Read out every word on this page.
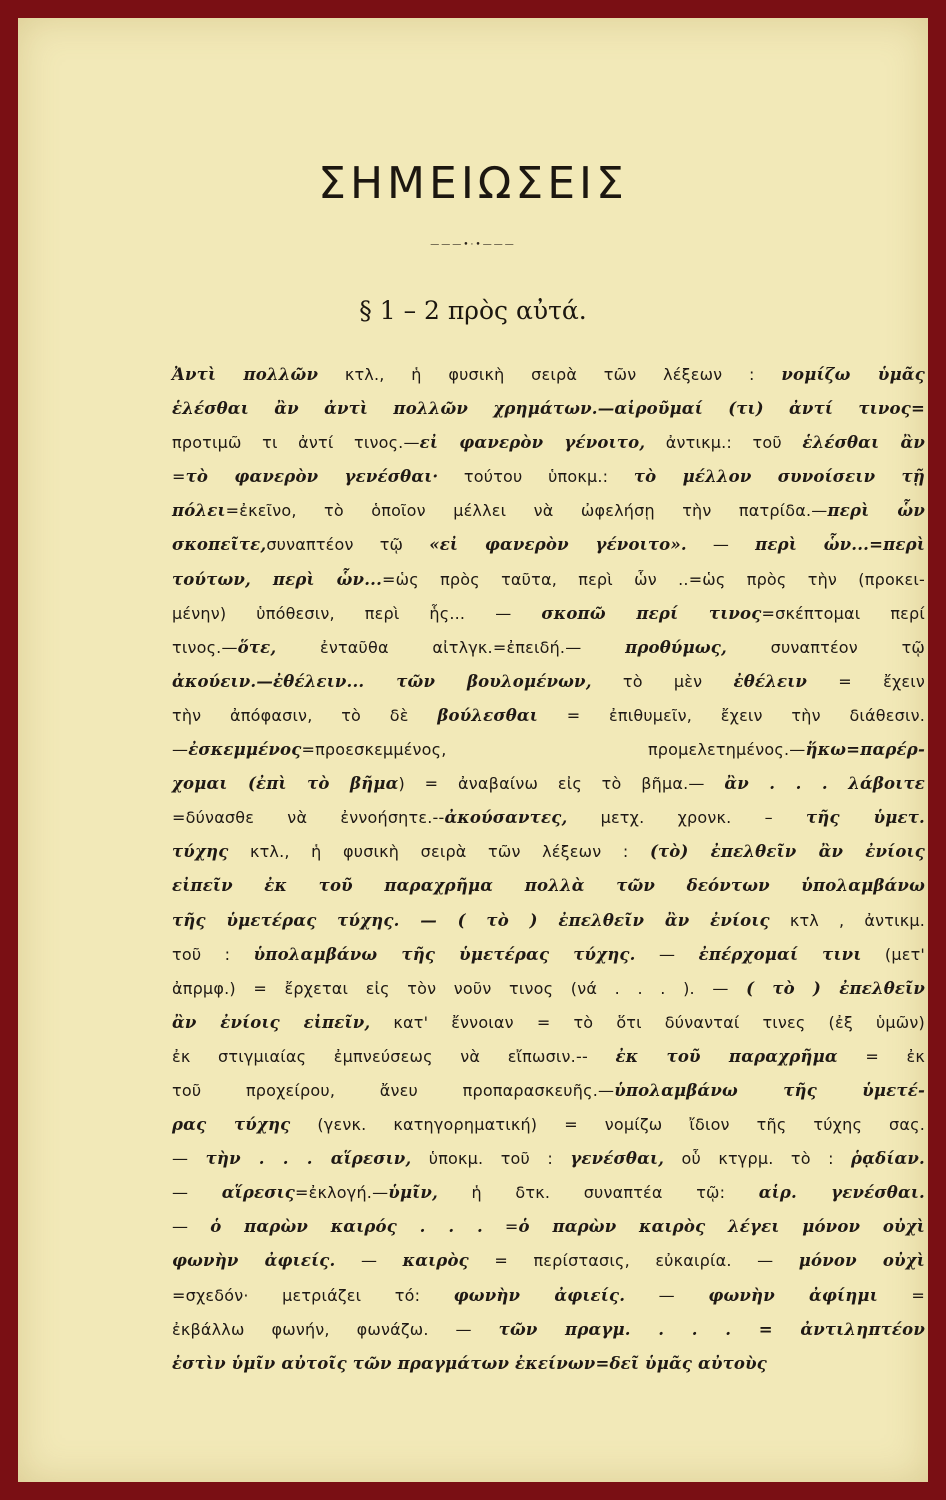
ΣΗΜΕΙΩΣΕΙΣ
———•·•———
§ 1 – 2 πρὸς αὐτά.
Ἀντὶ πολλῶν κτλ., ἡ φυσικὴ σειρὰ τῶν λέξεων : νομίζω ὑμᾶς
ἑλέσθαι ἂν ἀντὶ πολλῶν χρημάτων.—αἱροῦμαί (τι) ἀντί τινος=
προτιμῶ τι ἀντί τινος.—εἰ φανερὸν γένοιτο, ἀντικμ.: τοῦ ἑλέσθαι ἂν
=τὸ φανερὸν γενέσθαι· τούτου ὑποκμ.: τὸ μέλλον συνοίσειν τῇ
πόλει=ἐκεῖνο, τὸ ὁποῖον μέλλει νὰ ὠφελήσῃ τὴν πατρίδα.—περὶ ὧν
σκοπεῖτε,συναπτέον τῷ «εἰ φανερὸν γένοιτο». — περὶ ὧν...=περὶ
τούτων, περὶ ὧν...=ὡς πρὸς ταῦτα, περὶ ὧν ..=ὡς πρὸς τὴν (προκει-
μένην) ὑπόθεσιν, περὶ ἧς... — σκοπῶ περί τινος=σκέπτομαι περί
τινος.—ὅτε, ἐνταῦθα αἰτλγκ.=ἐπειδή.— προθύμως, συναπτέον τῷ
ἀκούειν.—ἐθέλειν... τῶν βουλομένων, τὸ μὲν ἐθέλειν = ἔχειν
τὴν ἀπόφασιν, τὸ δὲ βούλεσθαι = ἐπιθυμεῖν, ἔχειν τὴν διάθεσιν.
—ἐσκεμμένος=προεσκεμμένος, προμελετημένος.—ἥκω=παρέρ-
χομαι (ἐπὶ τὸ βῆμα) = ἀναβαίνω εἰς τὸ βῆμα.— ἂν . . . λάβοιτε
=δύνασθε νὰ ἐννοήσητε.--ἀκούσαντες, μετχ. χρονκ. – τῆς ὑμετ.
τύχης κτλ., ἡ φυσικὴ σειρὰ τῶν λέξεων : (τὸ) ἐπελθεῖν ἂν ἐνίοις
εἰπεῖν ἐκ τοῦ παραχρῆμα πολλὰ τῶν δεόντων ὑπολαμβάνω
τῆς ὑμετέρας τύχης. — ( τὸ ) ἐπελθεῖν ἂν ἐνίοις κτλ , ἀντικμ.
τοῦ : ὑπολαμβάνω τῆς ὑμετέρας τύχης. — ἐπέρχομαί τινι (μετ'
ἀπρμφ.) = ἔρχεται εἰς τὸν νοῦν τινος (νά . . . ). — ( τὸ ) ἐπελθεῖν
ἂν ἐνίοις εἰπεῖν, κατ' ἔννοιαν = τὸ ὅτι δύνανταί τινες (ἐξ ὑμῶν)
ἐκ στιγμιαίας ἐμπνεύσεως νὰ εἴπωσιν.-- ἐκ τοῦ παραχρῆμα = ἐκ
τοῦ προχείρου, ἄνευ προπαρασκευῆς.—ὑπολαμβάνω τῆς ὑμετέ-
ρας τύχης (γενκ. κατηγορηματική) = νομίζω ἴδιον τῆς τύχης σας.
— τὴν . . . αἵρεσιν, ὑποκμ. τοῦ : γενέσθαι, οὗ κτγρμ. τὸ : ῥᾳδίαν.
— αἵρεσις=ἐκλογή.—ὑμῖν, ἡ δτκ. συναπτέα τῷ: αἱρ. γενέσθαι.
— ὁ παρὼν καιρός . . . =ὁ παρὼν καιρὸς λέγει μόνον οὐχὶ
φωνὴν ἀφιείς. — καιρὸς = περίστασις, εὐκαιρία. — μόνον οὐχὶ
=σχεδόν· μετριάζει τό: φωνὴν ἀφιείς. — φωνὴν ἀφίημι =
ἐκβάλλω φωνήν, φωνάζω. — τῶν πραγμ. . . . = ἀντιληπτέον
ἐστὶν ὑμῖν αὐτοῖς τῶν πραγμάτων ἐκείνων=δεῖ ὑμᾶς αὐτοὺς
